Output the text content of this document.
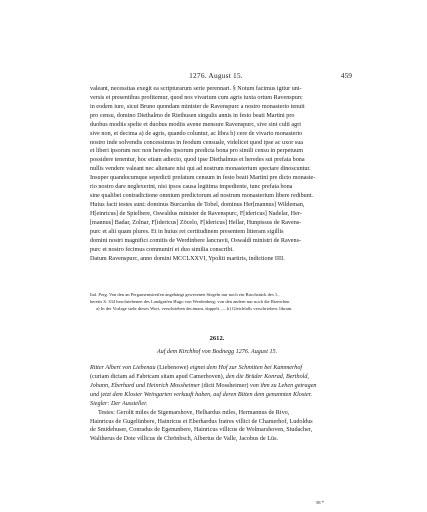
1276. August 15.	459
valeant, necessitas exegit ea scripturarum serie perennari. § Notum facimus igitur uni-
versis et presentibus profitemur, quod nos vivarium cum agris iuxta ortum Ravenspurc
in eodem iure, sicut Bruno quondam minister de Ravenspurc a nostro monasterio tenuit
pro censu, domino Diethalmo de Riethusen singulis annis in festo beati Martini pro
duobus modiis spelte et duobus modiis avene mensure Ravenspurc, sive sint culti agri
sive non, et decima a) de agris, quando coluntur, ac libra b) cere de vivario monasterio
nostro inde solvendis concessimus in feodum censuale, videlicet quod ipse ac uxor sua
et liberi ipsorum nec non heredes ipsorum predicta bona pro simili censu in perpetuum
possidere tenentur, hoc etiam adiecto, quod ipse Diethalmus et heredes sui prefata bona
nullis vendere valeant nec alienare nisi qui ad nostrum monasterium spectare dinoscuntur.
Insuper quandocumque sepedicti prefatum censum in festo beati Martini pre dicto monaste-
rio nostro dare neglexerint, nisi ipsos causa legitima impediente, tunc prefata bona
sine qualibet contradictione omnium predictorum ad nostrum monasterium libere redibunt.
Huius facti testes sunt: dominus Burcardus de Tobel, dominus Her[mannus] Wildeman,
H[einricus] de Spielbere, Oswaldus minister de Ravenspurc, F[idericus] Nadelar, Her-
[mannus] Badar, Zolnar, F[idericus] Zöcelo, F[idericus] Hellar, Hunpissus de Ravens-
purc et alii quam plures. Et in huius rei certitudinem presentem litteram sigillis
domini nostri magnifici comitis de Werdinbere lancravii, Oswaldi ministri de Ravens-
purc et nostro fecimus communiri et duo similia conscribi.
Datum Ravenspurc, anno domini MCCLXXVI, Ypoliti martiris, indictione IIII.
Ital. Perg. Von den an Pergamentstreifen angehängt gewesenen Siegeln nur noch ein Bruchstück des 1.,
bereits S. 334 beschriebenen des Landgrafen Hugo von Werdenberg; von den andern nur noch die Riemchen
a) In der Vorlage steht dieses Wort, verschrieben decimam, doppelt. — b) Gleichfalls verschrieben: libram.
2612.
Auf dem Kirchhof von Bodnegg 1276. August 15.
Ritter Albert von Liebenau (Liebenowe) eignet dem Hof zur Schmitten bei Kammerhof
(curiam dictam ad Fabricam sitam apud Camerhoven), den die Brüder Konrad, Berthold,
Johann, Eberhard und Heinrich Mossheimer (dicti Mossheimer) von ihm zu Lehen getragen
und jetzt dem Kloster Weingarten verkauft haben, auf deren Bitten dem genannten Kloster.
Siegler: Der Aussteller.
Testes: Geroltt miles de Sigemarshove, Helhardus miles, Hermannus de Rivo,
Hainricus de Gugelünbere, Hainricus et Eberhardus fratres villici de Chamerhof, Ludoldus
de Smidehuser, Conradus de Egenunbere, Hainricus villicus de Wolmarshoven, Studacher,
Waltherus de Dote villicus de Chrönbsch, Albertus de Valle, Jacobus de Lüs.
58 *
